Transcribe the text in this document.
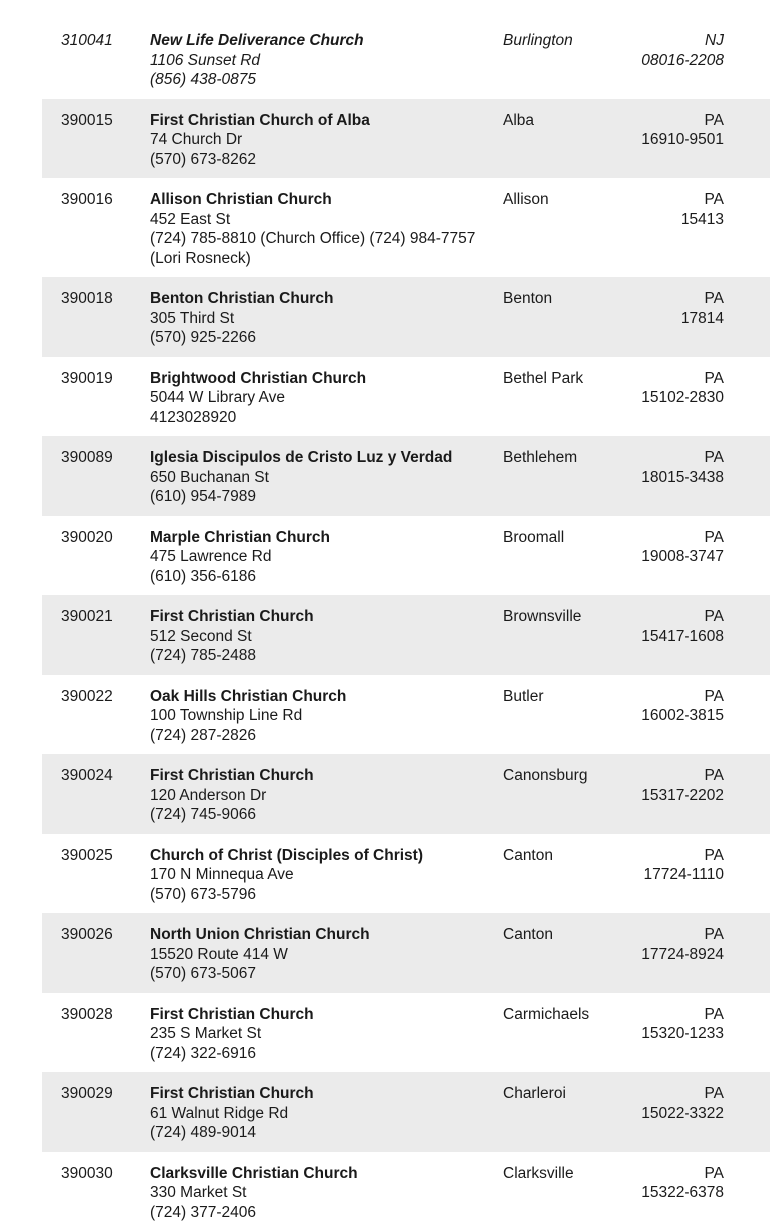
310041 New Life Deliverance Church
1106 Sunset Rd
(856) 438-0875
Burlington	NJ
08016-2208
390015 First Christian Church of Alba
74 Church Dr
(570) 673-8262
Alba	PA
16910-9501
390016 Allison Christian Church
452 East St
(724) 785-8810 (Church Office) (724) 984-7757 (Lori Rosneck)
Allison	PA
15413
390018 Benton Christian Church
305 Third St
(570) 925-2266
Benton	PA
17814
390019 Brightwood Christian Church
5044 W Library Ave
4123028920
Bethel Park	PA
15102-2830
390089 Iglesia Discipulos de Cristo Luz y Verdad
650 Buchanan St
(610) 954-7989
Bethlehem	PA
18015-3438
390020 Marple Christian Church
475 Lawrence Rd
(610) 356-6186
Broomall	PA
19008-3747
390021 First Christian Church
512 Second St
(724) 785-2488
Brownsville	PA
15417-1608
390022 Oak Hills Christian Church
100 Township Line Rd
(724) 287-2826
Butler	PA
16002-3815
390024 First Christian Church
120 Anderson Dr
(724) 745-9066
Canonsburg	PA
15317-2202
390025 Church of Christ (Disciples of Christ)
170 N Minnequa Ave
(570) 673-5796
Canton	PA
17724-1110
390026 North Union Christian Church
15520 Route 414 W
(570) 673-5067
Canton	PA
17724-8924
390028 First Christian Church
235 S Market St
(724) 322-6916
Carmichaels	PA
15320-1233
390029 First Christian Church
61 Walnut Ridge Rd
(724) 489-9014
Charleroi	PA
15022-3322
390030 Clarksville Christian Church
330 Market St
(724) 377-2406
Clarksville	PA
15322-6378
